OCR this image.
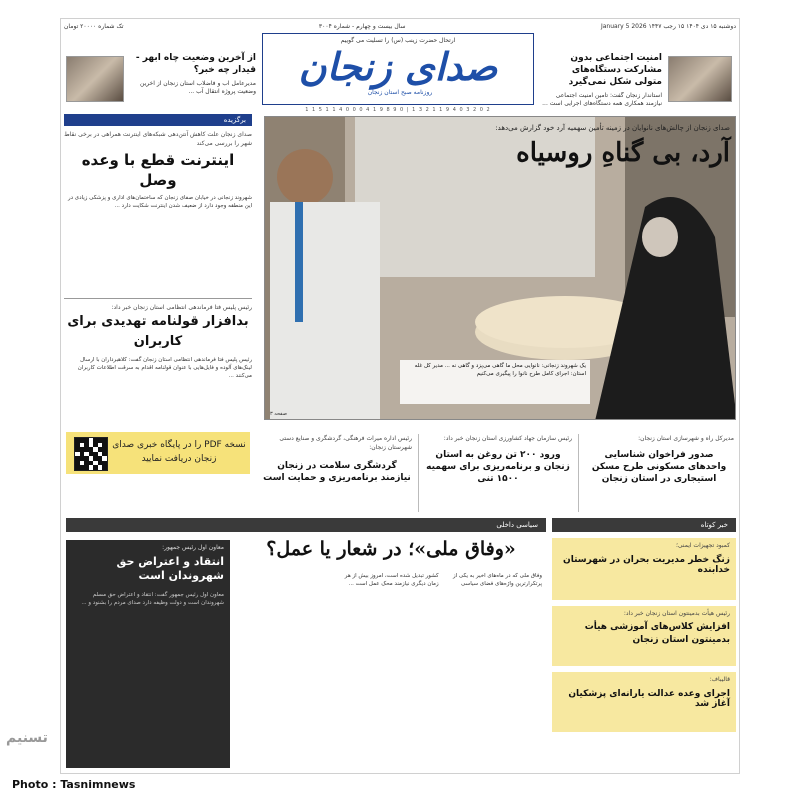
دوشنبه ۱۵ دی ۱۴۰۴ ۱۵ رجب ۱۴۴۷ January 5 2026
سال بیست و چهارم - شماره ۳۰۰۴
تک شماره ۲۰۰۰۰ تومان
از آخرین وضعیت چاه ابهر - قیدار چه خبر؟
مدیرعامل آب و فاضلاب استان زنجان از آخرین وضعیت پروژه انتقال آب ...
ارتحال حضرت زینب (س) را تسلیت می گوییم
صدای زنجان
روزنامه صبح استان زنجان
1 1 5 1 1 4 0 0 0 4 1 9 8 9 0 | 1 3 2 1 1 9 4 0 3 2 0 2
امنیت اجتماعی بدون مشارکت دستگاه‌های متولی شکل نمی‌گیرد
استاندار زنجان گفت: تأمین امنیت اجتماعی نیازمند همکاری همه دستگاه‌های اجرایی است ...
برگزیده
صدای زنجان علت کاهش آنتن‌دهی شبکه‌های اینترنت همراهی در برخی نقاط شهر را بررسی می‌کند
اینترنت قطع با وعده وصل
شهروند زنجانی در خیابان صفای زنجان که ساختمان‌های اداری و پزشکی زیادی در این منطقه وجود دارد از ضعیف شدن اینترنت شکایت دارد ...
رئیس پلیس فتا فرماندهی انتظامی استان زنجان خبر داد:
بدافزار قولنامه تهدیدی برای کاربران
رئیس پلیس فتا فرماندهی انتظامی استان زنجان گفت: کلاهبرداران با ارسال لینک‌های آلوده و فایل‌هایی با عنوان قولنامه اقدام به سرقت اطلاعات کاربران می‌کنند ...
صدای زنجان از چالش‌های نانوایان در زمینه تأمین سهمیه آرد خود گزارش می‌دهد:
آرد، بی گناهِ روسیاه
یک شهروند زنجانی: نانوایی محل ما گاهی می‌پزد و گاهی نه ... مدیر کل غله استان: اجرای کامل طرح نانوا را پیگیری می‌کنیم
صفحه ۳
نسخه PDF را در پایگاه خبری صدای زنجان دریافت نمایید
رئیس اداره میراث فرهنگی، گردشگری و صنایع دستی شهرستان زنجان:
گردشگری سلامت در زنجان نیازمند برنامه‌ریزی و حمایت است
رئیس سازمان جهاد کشاورزی استان زنجان خبر داد:
ورود ۲۰۰ تن روغن به استان زنجان و برنامه‌ریزی برای سهمیه ۱۵۰۰ تنی
مدیرکل راه و شهرسازی استان زنجان:
صدور فراخوان شناسایی واحدهای مسکونی طرح مسکن استیجاری در استان زنجان
سیاسی داخلی	خبر کوتاه
معاون اول رئیس جمهور:
انتقاد و اعتراض حق شهروندان است
معاون اول رئیس جمهور گفت: انتقاد و اعتراض حق مسلم شهروندان است و دولت وظیفه دارد صدای مردم را بشنود و ...
«وفاق ملی»؛ در شعار یا عمل؟
وفاق ملی که در ماه‌های اخیر به یکی از پرتکرارترین واژه‌های فضای سیاسی کشور تبدیل شده است، امروز بیش از هر زمان دیگری نیازمند محک عمل است ...
کمبود تجهیزات ایمنی؛
زنگ خطر مدیریت بحران در شهرستان خدابنده
رئیس هیأت بدمینتون استان زنجان خبر داد:
افزایش کلاس‌های آموزشی هیأت بدمینتون استان زنجان
قالیباف:
اجرای وعده عدالت یارانه‌ای پزشکیان آغاز شد
تسنیم
Photo : Tasnimnews
